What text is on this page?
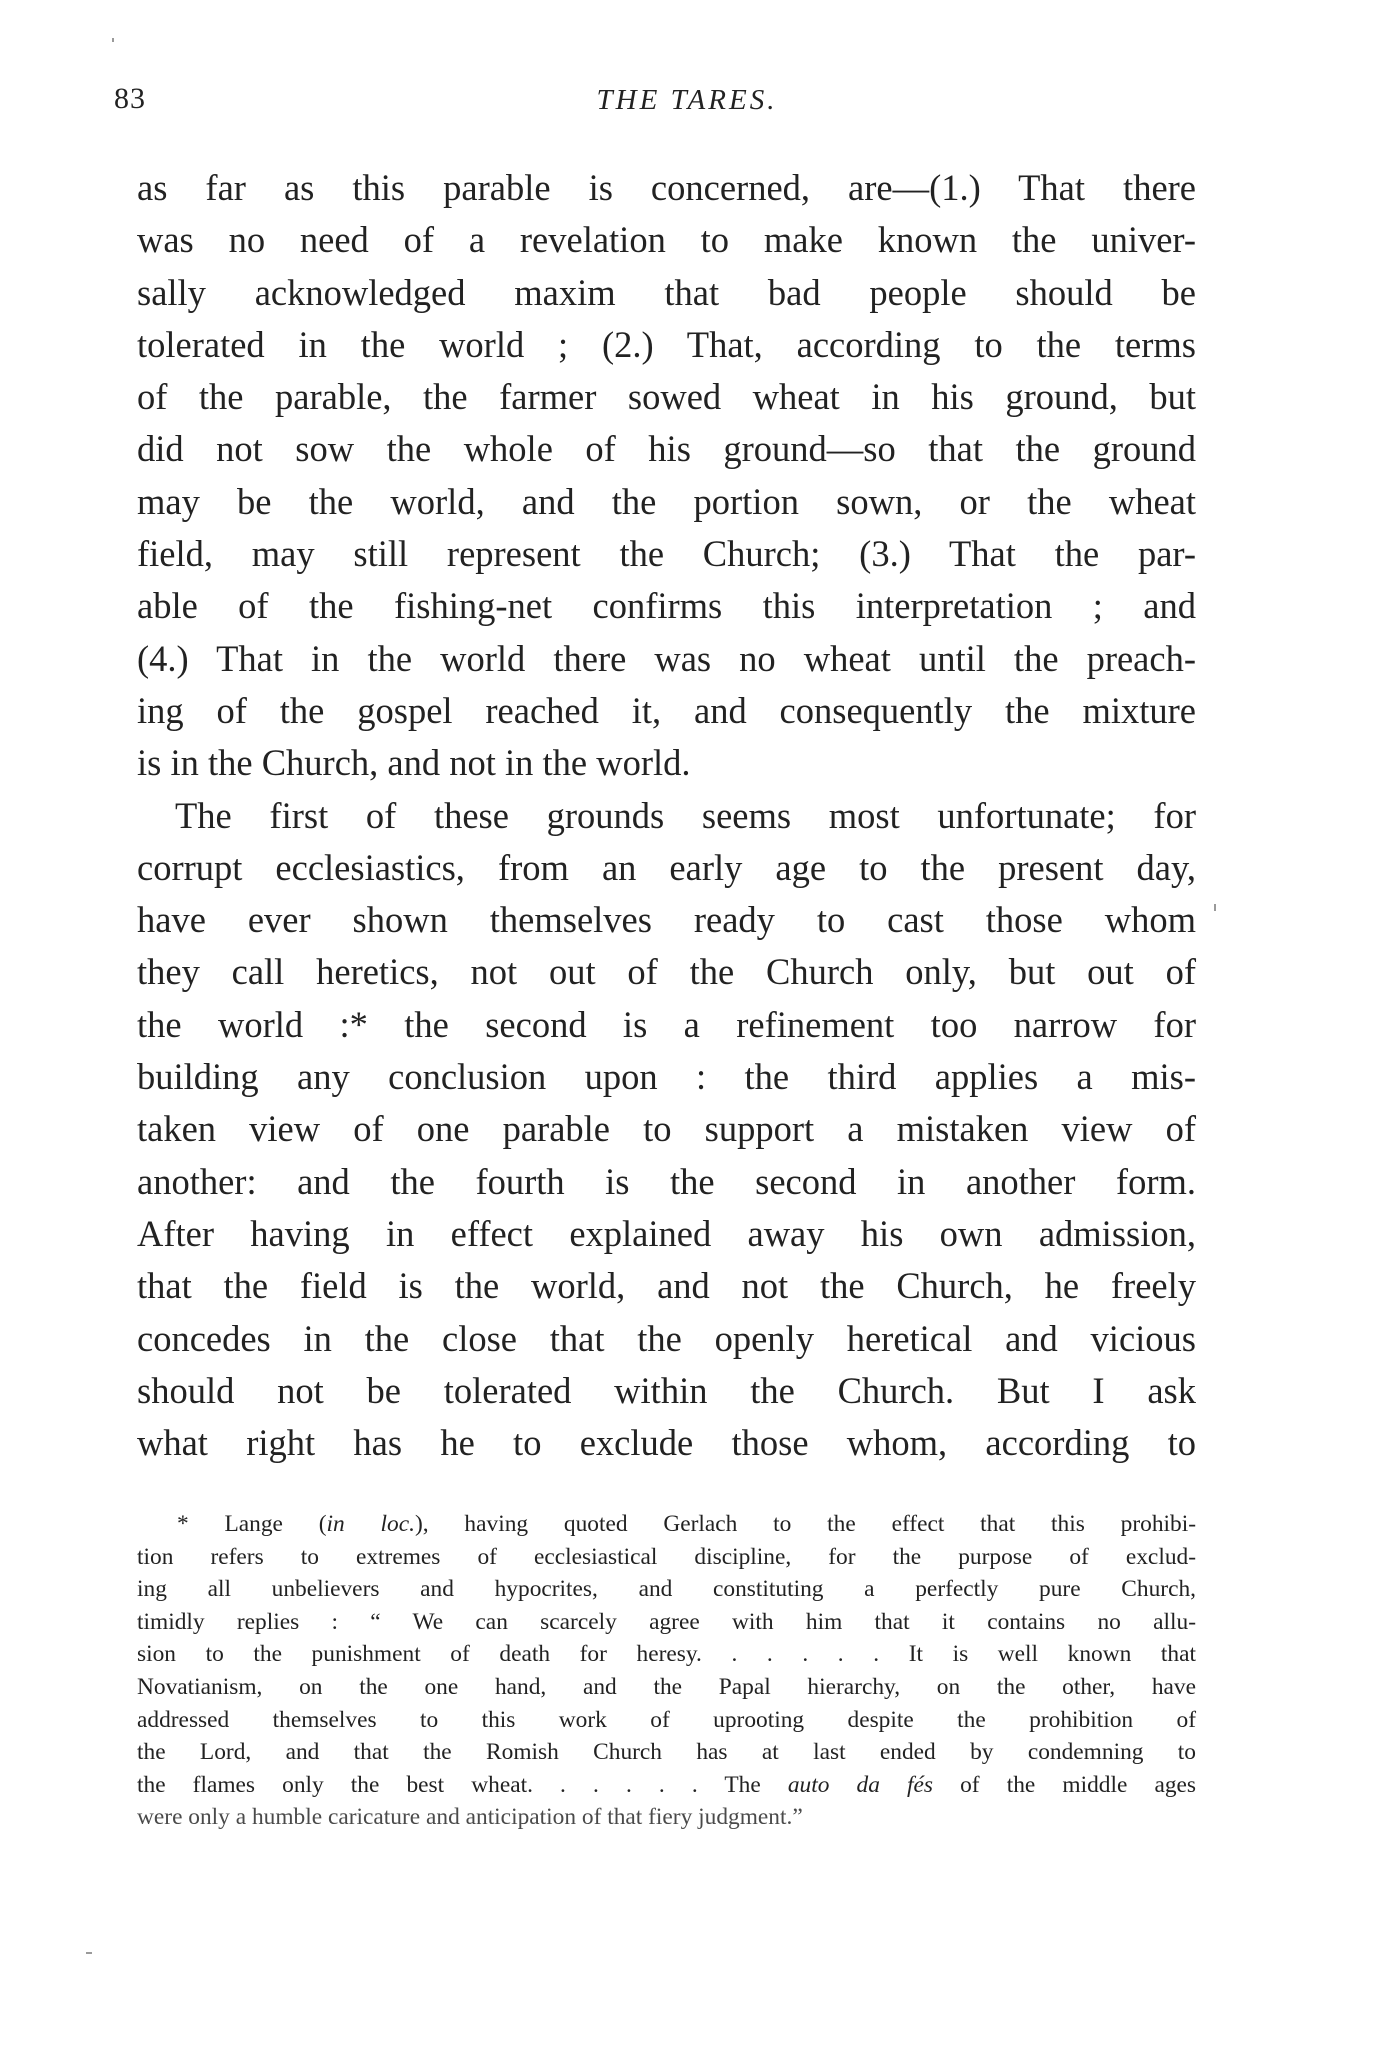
83	THE TARES.
as far as this parable is concerned, are—(1.) That there
was no need of a revelation to make known the univer-
sally acknowledged maxim that bad people should be
tolerated in the world ; (2.) That, according to the terms
of the parable, the farmer sowed wheat in his ground, but
did not sow the whole of his ground—so that the ground
may be the world, and the portion sown, or the wheat
field, may still represent the Church; (3.) That the par-
able of the fishing-net confirms this interpretation ; and
(4.) That in the world there was no wheat until the preach-
ing of the gospel reached it, and consequently the mixture
is in the Church, and not in the world.
The first of these grounds seems most unfortunate; for
corrupt ecclesiastics, from an early age to the present day,
have ever shown themselves ready to cast those whom
they call heretics, not out of the Church only, but out of
the world :* the second is a refinement too narrow for
building any conclusion upon : the third applies a mis-
taken view of one parable to support a mistaken view of
another: and the fourth is the second in another form.
After having in effect explained away his own admission,
that the field is the world, and not the Church, he freely
concedes in the close that the openly heretical and vicious
should not be tolerated within the Church. But I ask
what right has he to exclude those whom, according to
* Lange (in loc.), having quoted Gerlach to the effect that this prohibi-
tion refers to extremes of ecclesiastical discipline, for the purpose of exclud-
ing all unbelievers and hypocrites, and constituting a perfectly pure Church,
timidly replies : “ We can scarcely agree with him that it contains no allu-
sion to the punishment of death for heresy. . . . . . It is well known that
Novatianism, on the one hand, and the Papal hierarchy, on the other, have
addressed themselves to this work of uprooting despite the prohibition of
the Lord, and that the Romish Church has at last ended by condemning to
the flames only the best wheat. . . . . . The auto da fés of the middle ages
were only a humble caricature and anticipation of that fiery judgment.”
